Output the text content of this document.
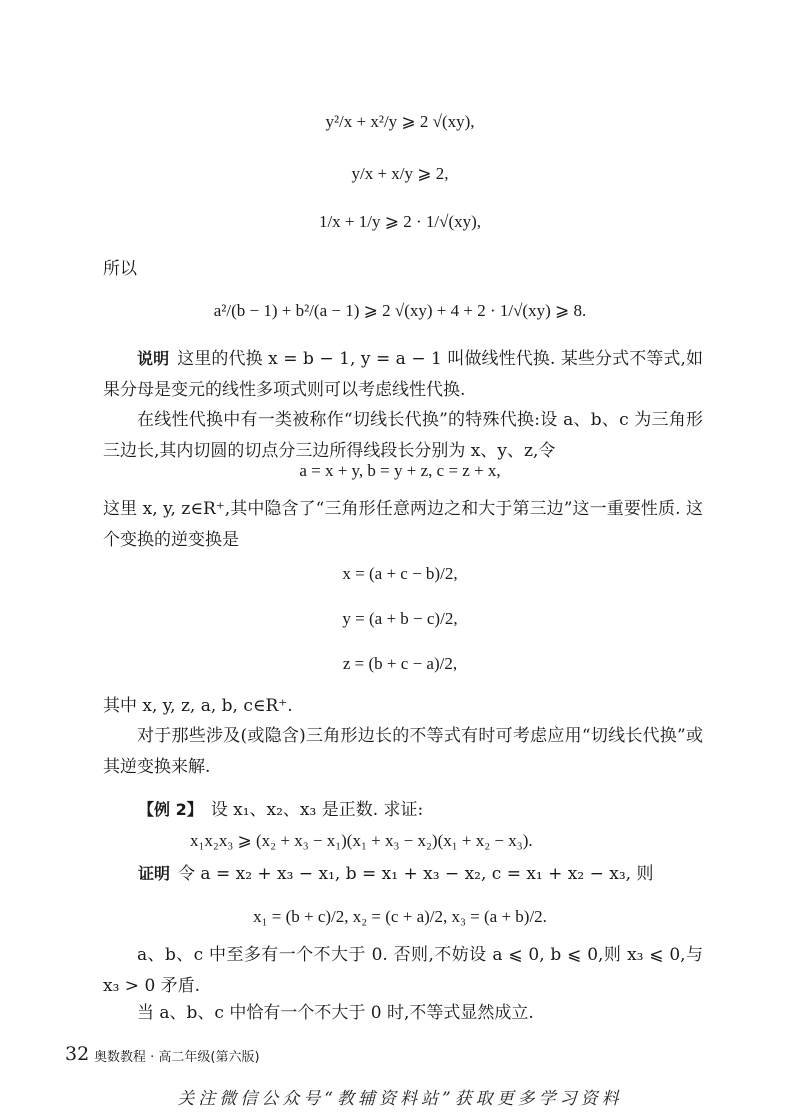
y²/x + x²/y ⩾ 2 √(xy),
y/x + x/y ⩾ 2,
1/x + 1/y ⩾ 2 · 1/√(xy),
所以
a²/(b − 1) + b²/(a − 1) ⩾ 2 √(xy) + 4 + 2 · 1/√(xy) ⩾ 8.
说明 这里的代换 x = b − 1, y = a − 1 叫做线性代换. 某些分式不等式,如果分母是变元的线性多项式则可以考虑线性代换.
在线性代换中有一类被称作“切线长代换”的特殊代换:设 a、b、c 为三角形三边长,其内切圆的切点分三边所得线段长分别为 x、y、z,令
a = x + y, b = y + z, c = z + x,
这里 x, y, z∈R⁺,其中隐含了“三角形任意两边之和大于第三边”这一重要性质. 这个变换的逆变换是
x = (a + c − b)/2,
y = (a + b − c)/2,
z = (b + c − a)/2,
其中 x, y, z, a, b, c∈R⁺.
对于那些涉及(或隐含)三角形边长的不等式有时可考虑应用“切线长代换”或其逆变换来解.
【例 2】 设 x₁、x₂、x₃ 是正数. 求证:
x₁x₂x₃ ⩾ (x₂ + x₃ − x₁)(x₁ + x₃ − x₂)(x₁ + x₂ − x₃).
证明 令 a = x₂ + x₃ − x₁, b = x₁ + x₃ − x₂, c = x₁ + x₂ − x₃, 则
x₁ = (b + c)/2, x₂ = (c + a)/2, x₃ = (a + b)/2.
a、b、c 中至多有一个不大于 0. 否则,不妨设 a ⩽ 0, b ⩽ 0,则 x₃ ⩽ 0,与 x₃ > 0 矛盾.
当 a、b、c 中恰有一个不大于 0 时,不等式显然成立.
32 奥数教程 · 高二年级(第六版)
关注微信公众号“教辅资料站”获取更多学习资料
